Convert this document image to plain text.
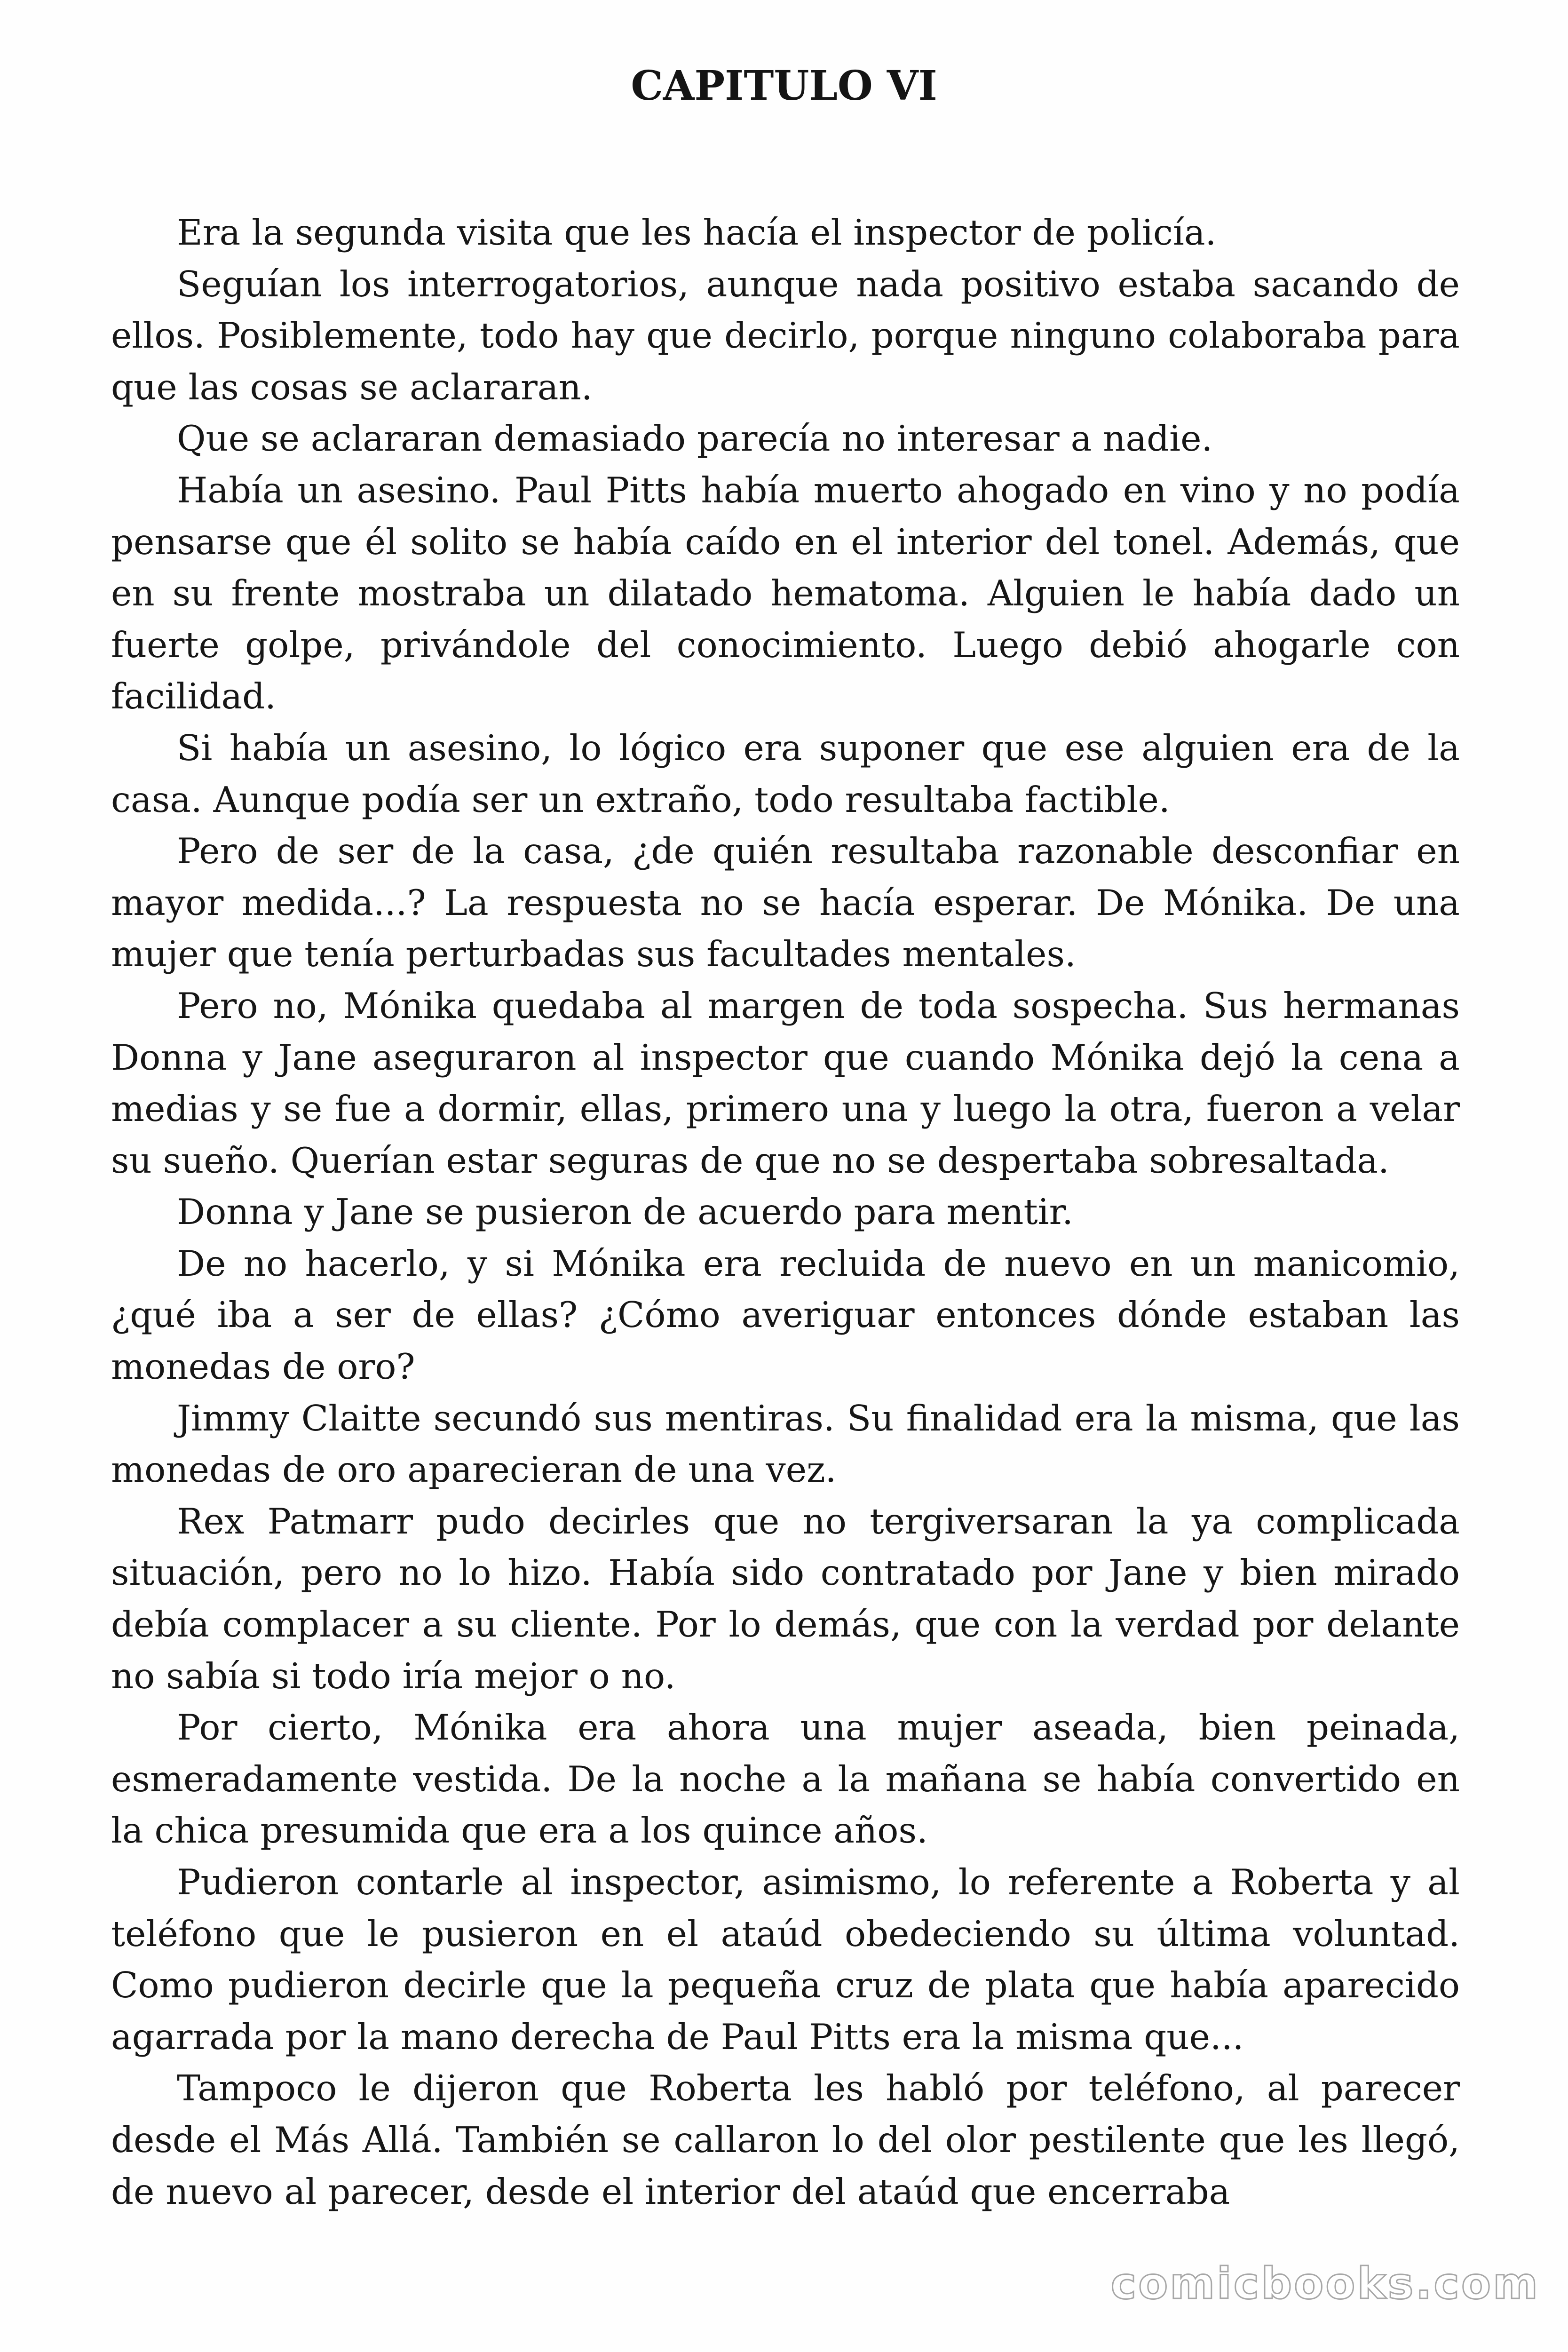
CAPITULO VI

Era la segunda visita que les hacía el inspector de policía.

Seguían los interrogatorios, aunque nada positivo estaba sacando de ellos. Posiblemente, todo hay que decirlo, porque ninguno colaboraba para que las cosas se aclararan.

Que se aclararan demasiado parecía no interesar a nadie.

Había un asesino. Paul Pitts había muerto ahogado en vino y no podía pensarse que él solito se había caído en el interior del tonel. Además, que en su frente mostraba un dilatado hematoma. Alguien le había dado un fuerte golpe, privándole del conocimiento. Luego debió ahogarle con facilidad.

Si había un asesino, lo lógico era suponer que ese alguien era de la casa. Aunque podía ser un extraño, todo resultaba factible.

Pero de ser de la casa, ¿de quién resultaba razonable desconfiar en mayor medida...? La respuesta no se hacía esperar. De Mónika. De una mujer que tenía perturbadas sus facultades mentales.

Pero no, Mónika quedaba al margen de toda sospecha. Sus hermanas Donna y Jane aseguraron al inspector que cuando Mónika dejó la cena a medias y se fue a dormir, ellas, primero una y luego la otra, fueron a velar su sueño. Querían estar seguras de que no se despertaba sobresaltada.

Donna y Jane se pusieron de acuerdo para mentir.

De no hacerlo, y si Mónika era recluida de nuevo en un manicomio, ¿qué iba a ser de ellas? ¿Cómo averiguar entonces dónde estaban las monedas de oro?

Jimmy Claitte secundó sus mentiras. Su finalidad era la misma, que las monedas de oro aparecieran de una vez.

Rex Patmarr pudo decirles que no tergiversaran la ya complicada situación, pero no lo hizo. Había sido contratado por Jane y bien mirado debía complacer a su cliente. Por lo demás, que con la verdad por delante no sabía si todo iría mejor o no.

Por cierto, Mónika era ahora una mujer aseada, bien peinada, esmeradamente vestida. De la noche a la mañana se había convertido en la chica presumida que era a los quince años.

Pudieron contarle al inspector, asimismo, lo referente a Roberta y al teléfono que le pusieron en el ataúd obedeciendo su última voluntad. Como pudieron decirle que la pequeña cruz de plata que había aparecido agarrada por la mano derecha de Paul Pitts era la misma que...

Tampoco le dijeron que Roberta les habló por teléfono, al parecer desde el Más Allá. También se callaron lo del olor pestilente que les llegó, de nuevo al parecer, desde el interior del ataúd que encerraba

comicbooks.com
